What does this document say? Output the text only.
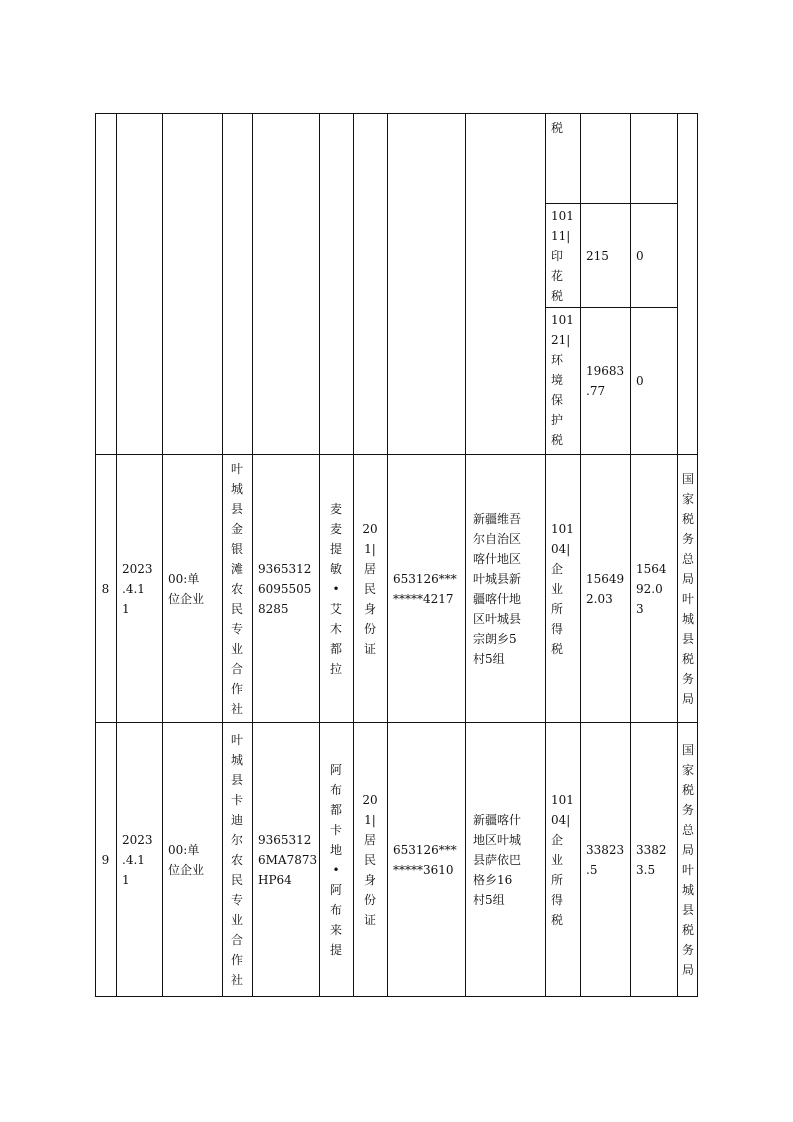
税
101
11|
印
花
税
215	0
101
21|
环
境
保
护
税
19683
.77
0
8
2023
.4.1
1
00:单
位企业
叶
城
县
金
银
滩
农
民
专
业
合
作
社
9365312
6095505
8285
麦
麦
提
敏
•
艾
木
都
拉
20
1|
居
民
身
份
证
653126***
*****4217
新疆维吾
尔自治区
喀什地区
叶城县新
疆喀什地
区叶城县
宗朗乡5
村5组
101
04|
企
业
所
得
税
15649
2.03
1564
92.0
3
国
家
税
务
总
局
叶
城
县
税
务
局
9
2023
.4.1
1
00:单
位企业
叶
城
县
卡
迪
尔
农
民
专
业
合
作
社
9365312
6MA7873
HP64
阿
布
都
卡
地
•
阿
布
来
提
20
1|
居
民
身
份
证
653126***
*****3610
新疆喀什
地区叶城
县萨依巴
格乡16
村5组
101
04|
企
业
所
得
税
33823
.5
3382
3.5
国
家
税
务
总
局
叶
城
县
税
务
局
